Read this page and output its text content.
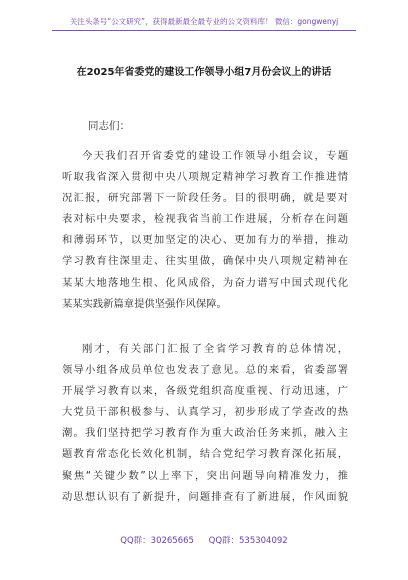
关注头条号“公文研究”，获得最新最全最专业的公文资料库！ 微信：gongwenyj
在2025年省委党的建设工作领导小组7月份会议上的讲话
同志们：
今天我们召开省委党的建设工作领导小组会议，专题
听取我省深入贯彻中央八项规定精神学习教育工作推进情
况汇报，研究部署下一阶段任务。目的很明确，就是要对
表对标中央要求，检视我省当前工作进展，分析存在问题
和薄弱环节，以更加坚定的决心、更加有力的举措，推动
学习教育往深里走、往实里做，确保中央八项规定精神在
某某大地落地生根、化风成俗，为奋力谱写中国式现代化
某某实践新篇章提供坚强作风保障。
刚才，有关部门汇报了全省学习教育的总体情况，
领导小组各成员单位也发表了意见。总的来看，省委部署
开展学习教育以来，各级党组织高度重视、行动迅速，广
大党员干部积极参与、认真学习，初步形成了学查改的热
潮。我们坚持把学习教育作为重大政治任务来抓，融入主
题教育常态化长效化机制，结合党纪学习教育深化拓展，
聚焦“关键少数”以上率下，突出问题导向精准发力，推
动思想认识有了新提升，问题排查有了新进展，作风面貌
QQ群：30265665 QQ群：535304092
